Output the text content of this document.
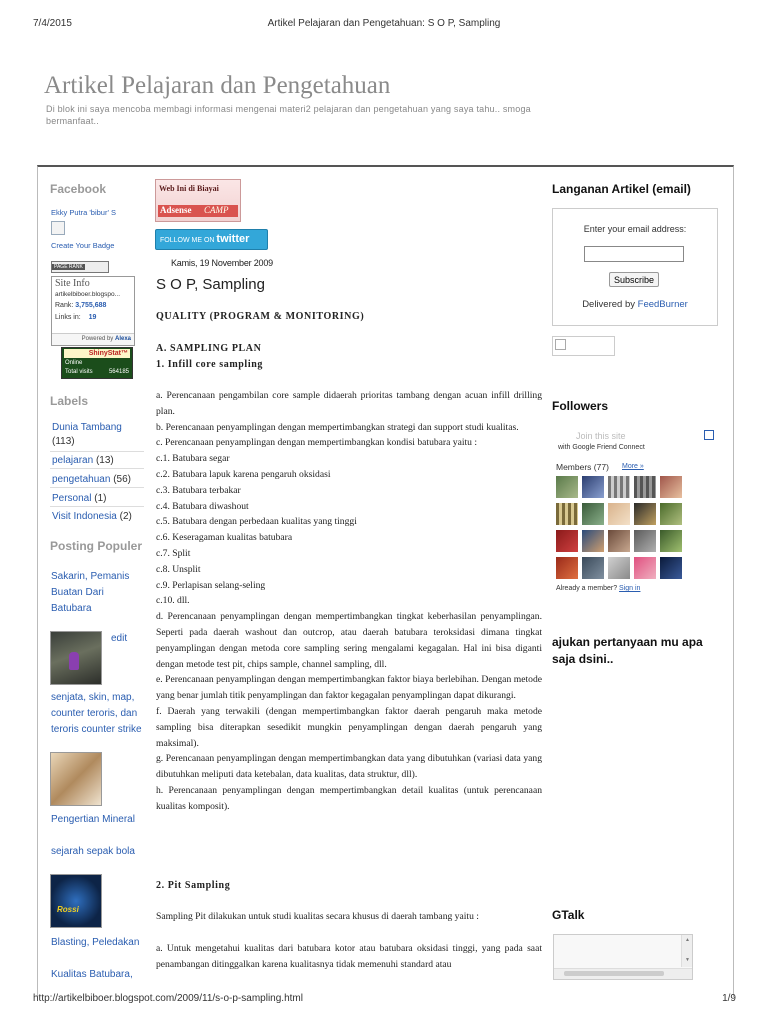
7/4/2015	Artikel Pelajaran dan Pengetahuan: S O P, Sampling
Artikel Pelajaran dan Pengetahuan
Di blok ini saya mencoba membagi informasi mengenai materi2 pelajaran dan pengetahuan yang saya tahu.. smoga bermanfaat..
Facebook
Ekky Putra 'bibur' S
Create Your Badge
PAGE RANK
Site Info
artikelbiboer.blogspo...
Rank: 3,755,688
Links in: 19
Powered by Alexa
ShinyStat™
Online
Total visits	564185
Labels
Dunia Tambang
(113)
pelajaran (13)
pengetahuan (56)
Personal (1)
Visit Indonesia (2)
Posting Populer
Sakarin, Pemanis Buatan Dari Batubara
edit
senjata, skin, map, counter teroris, dan teroris counter strike
Pengertian Mineral
sejarah sepak bola
Rossi
Blasting, Peledakan
Kualitas Batubara,
Web Ini di Biayai
Adsense CAMP
FOLLOW ME ON twitter
Kamis, 19 November 2009
S O P, Sampling
QUALITY (PROGRAM & MONITORING)
A. SAMPLING PLAN
1. Infill core sampling

a. Perencanaan pengambilan core sample didaerah prioritas tambang dengan acuan infill drilling plan.

b. Perencanaan penyamplingan dengan mempertimbangkan strategi dan support studi kualitas.

c. Perencanaan penyamplingan dengan mempertimbangkan kondisi batubara yaitu :

c.1. Batubara segar

c.2. Batubara lapuk karena pengaruh oksidasi

c.3. Batubara terbakar

c.4. Batubara diwashout

c.5. Batubara dengan perbedaan kualitas yang tinggi

c.6. Keseragaman kualitas batubara

c.7. Split

c.8. Unsplit

c.9. Perlapisan selang-seling

c.10. dll.

d. Perencanaan penyamplingan dengan mempertimbangkan tingkat keberhasilan penyamplingan. Seperti pada daerah washout dan outcrop, atau daerah batubara teroksidasi dimana tingkat penyamplingan dengan metoda core sampling sering mengalami kegagalan. Hal ini bisa diganti dengan metode test pit, chips sample, channel sampling, dll.

e. Perencanaan penyamplingan dengan mempertimbangkan faktor biaya berlebihan. Dengan metode yang benar jumlah titik penyamplingan dan faktor kegagalan penyamplingan dapat dikurangi.

f. Daerah yang terwakili (dengan mempertimbangkan faktor daerah pengaruh maka metode sampling bisa diterapkan sesedikit mungkin penyamplingan dengan daerah pengaruh yang maksimal).

g. Perencanaan penyamplingan dengan mempertimbangkan data yang dibutuhkan (variasi data yang dibutuhkan meliputi data ketebalan, data kualitas, data struktur, dll).

h. Perencanaan penyamplingan dengan mempertimbangkan detail kualitas (untuk perencanaan kualitas komposit).

2. Pit Sampling

Sampling Pit dilakukan untuk studi kualitas secara khusus di daerah tambang yaitu :

a. Untuk mengetahui kualitas dari batubara kotor atau batubara oksidasi tinggi, yang pada saat penambangan ditinggalkan karena kualitasnya tidak memenuhi standard atau

Langanan Artikel (email)
Enter your email address:
Subscribe
Delivered by FeedBurner
Followers
Join this site
with Google Friend Connect
Members (77) More »
Already a member? Sign in
ajukan pertanyaan mu apa saja dsini..
GTalk
▲
▼
http://artikelbiboer.blogspot.com/2009/11/s-o-p-sampling.html	1/9
